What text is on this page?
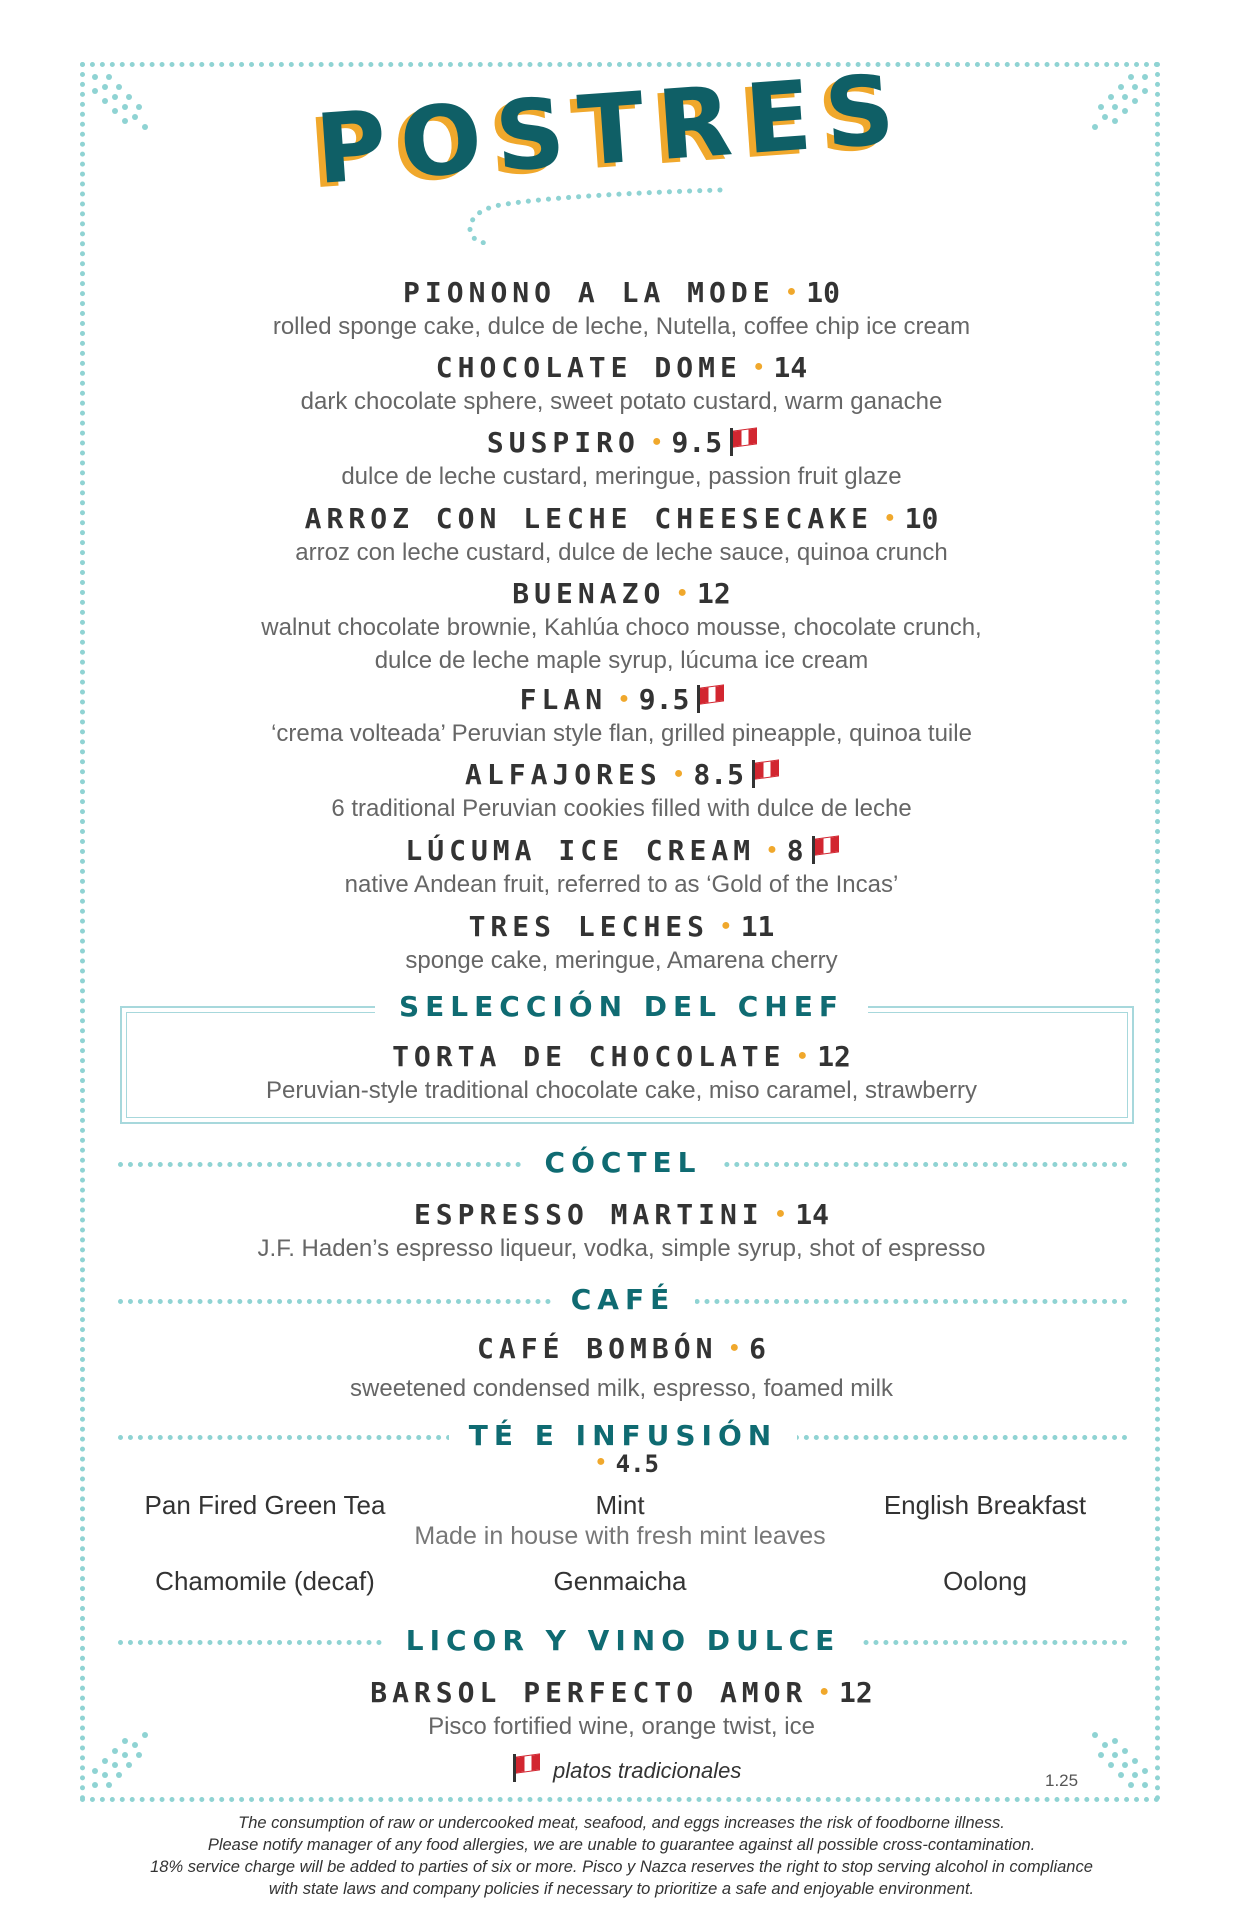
POSTRES
PIONONO A LA MODE ● 10
rolled sponge cake, dulce de leche, Nutella, coffee chip ice cream
CHOCOLATE DOME ● 14
dark chocolate sphere, sweet potato custard, warm ganache
SUSPIRO ● 9.5
dulce de leche custard, meringue, passion fruit glaze
ARROZ CON LECHE CHEESECAKE ● 10
arroz con leche custard, dulce de leche sauce, quinoa crunch
BUENAZO ● 12
walnut chocolate brownie, Kahlúa choco mousse, chocolate crunch,
dulce de leche maple syrup, lúcuma ice cream
FLAN ● 9.5
‘crema volteada’ Peruvian style flan, grilled pineapple, quinoa tuile
ALFAJORES ● 8.5
6 traditional Peruvian cookies filled with dulce de leche
LÚCUMA ICE CREAM ● 8
native Andean fruit, referred to as ‘Gold of the Incas’
TRES LECHES ● 11
sponge cake, meringue, Amarena cherry
SELECCIÓN DEL CHEF
TORTA DE CHOCOLATE ● 12
Peruvian-style traditional chocolate cake, miso caramel, strawberry
CÓCTEL
ESPRESSO MARTINI ● 14
J.F. Haden’s espresso liqueur, vodka, simple syrup, shot of espresso
CAFÉ
CAFÉ BOMBÓN ● 6
sweetened condensed milk, espresso, foamed milk
TÉ E INFUSIÓN
● 4.5
Pan Fired Green Tea	Mint	English Breakfast
Made in house with fresh mint leaves
Chamomile (decaf)	Genmaicha	Oolong
LICOR Y VINO DULCE
BARSOL PERFECTO AMOR ● 12
Pisco fortified wine, orange twist, ice
platos tradicionales	1.25
The consumption of raw or undercooked meat, seafood, and eggs increases the risk of foodborne illness.
Please notify manager of any food allergies, we are unable to guarantee against all possible cross-contamination.
18% service charge will be added to parties of six or more. Pisco y Nazca reserves the right to stop serving alcohol in compliance
with state laws and company policies if necessary to prioritize a safe and enjoyable environment.
